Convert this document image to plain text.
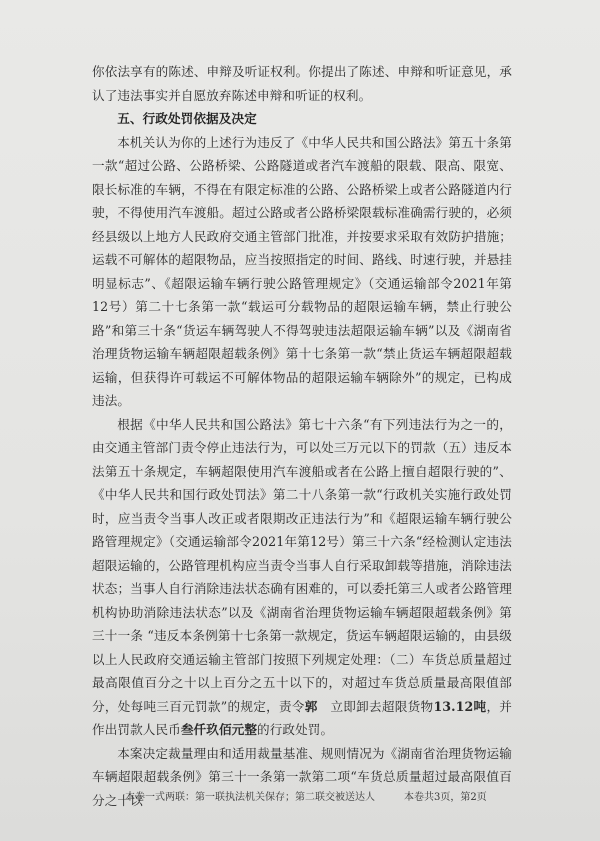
你依法享有的陈述、申辩及听证权利。你提出了陈述、申辩和听证意见，承认了违法事实并自愿放弃陈述申辩和听证的权利。

五、行政处罚依据及决定

本机关认为你的上述行为违反了《中华人民共和国公路法》第五十条第一款“超过公路、公路桥梁、公路隧道或者汽车渡船的限载、限高、限宽、限长标准的车辆，不得在有限定标准的公路、公路桥梁上或者公路隧道内行驶，不得使用汽车渡船。超过公路或者公路桥梁限载标准确需行驶的，必须经县级以上地方人民政府交通主管部门批准，并按要求采取有效防护措施；运载不可解体的超限物品，应当按照指定的时间、路线、时速行驶，并悬挂明显标志”、《超限运输车辆行驶公路管理规定》（交通运输部令2021年第12号）第二十七条第一款“载运可分载物品的超限运输车辆，禁止行驶公路”和第三十条“货运车辆驾驶人不得驾驶违法超限运输车辆”以及《湖南省治理货物运输车辆超限超载条例》第十七条第一款“禁止货运车辆超限超载运输，但获得许可载运不可解体物品的超限运输车辆除外”的规定，已构成违法。

根据《中华人民共和国公路法》第七十六条“有下列违法行为之一的，由交通主管部门责令停止违法行为，可以处三万元以下的罚款（五）违反本法第五十条规定，车辆超限使用汽车渡船或者在公路上擅自超限行驶的”、《中华人民共和国行政处罚法》第二十八条第一款“行政机关实施行政处罚时，应当责令当事人改正或者限期改正违法行为”和《超限运输车辆行驶公路管理规定》（交通运输部令2021年第12号）第三十六条“经检测认定违法超限运输的，公路管理机构应当责令当事人自行采取卸载等措施，消除违法状态；当事人自行消除违法状态确有困难的，可以委托第三人或者公路管理机构协助消除违法状态”以及《湖南省治理货物运输车辆超限超载条例》第三十一条 “违反本条例第十七条第一款规定，货运车辆超限运输的，由县级以上人民政府交通运输主管部门按照下列规定处理：（二）车货总质量超过最高限值百分之十以上百分之五十以下的，对超过车货总质量最高限值部分，处每吨三百元罚款”的规定，责令郭 立即卸去超限货物13.12吨，并作出罚款人民币叁仟玖佰元整的行政处罚。

本案决定裁量理由和适用裁量基准、规则情况为《湖南省治理货物运输车辆超限超载条例》第三十一条第一款第二项“车货总质量超过最高限值百分之十以

本卷一式两联：第一联执法机关保存；第二联交被送达人	本卷共3页，第2页
